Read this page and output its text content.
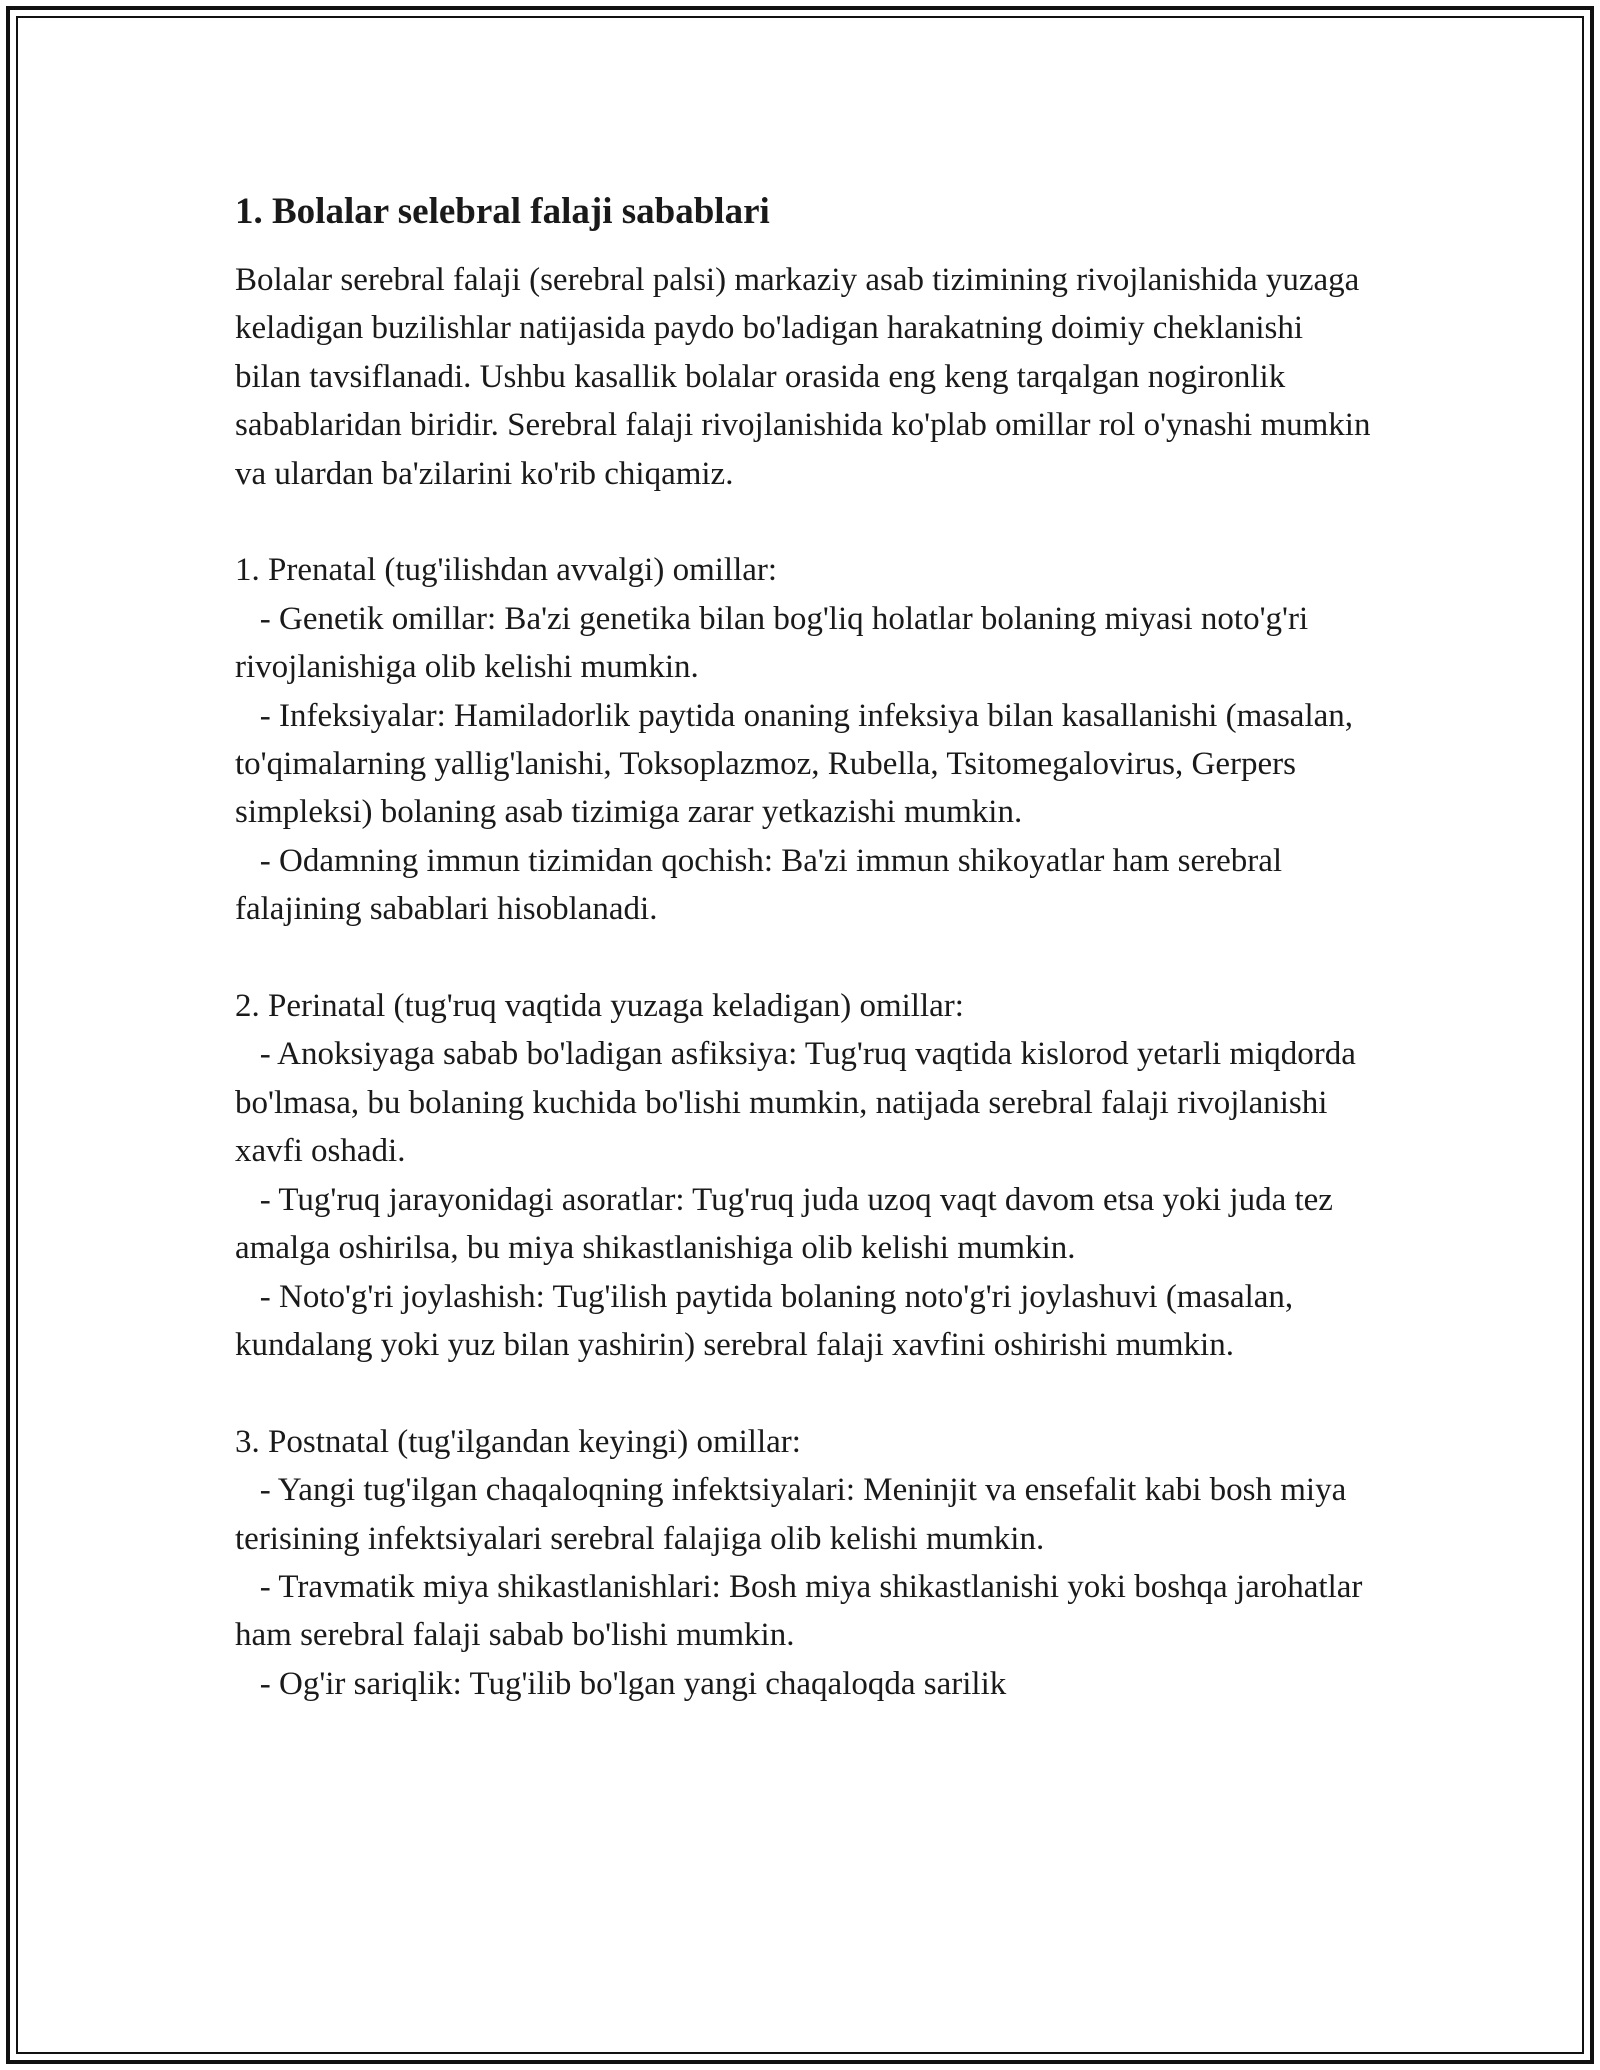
1. Bolalar selebral falaji sabablari

Bolalar serebral falaji (serebral palsi) markaziy asab tizimining rivojlanishida yuzaga keladigan buzilishlar natijasida paydo bo'ladigan harakatning doimiy cheklanishi bilan tavsiflanadi. Ushbu kasallik bolalar orasida eng keng tarqalgan nogironlik sabablaridan biridir. Serebral falaji rivojlanishida ko'plab omillar rol o'ynashi mumkin va ulardan ba'zilarini ko'rib chiqamiz.

1. Prenatal (tug'ilishdan avvalgi) omillar:

- Genetik omillar: Ba'zi genetika bilan bog'liq holatlar bolaning miyasi noto'g'ri rivojlanishiga olib kelishi mumkin.

- Infeksiyalar: Hamiladorlik paytida onaning infeksiya bilan kasallanishi (masalan, to'qimalarning yallig'lanishi, Toksoplazmoz, Rubella, Tsitomegalovirus, Gerpers simpleksi) bolaning asab tizimiga zarar yetkazishi mumkin.

- Odamning immun tizimidan qochish: Ba'zi immun shikoyatlar ham serebral falajining sabablari hisoblanadi.

2. Perinatal (tug'ruq vaqtida yuzaga keladigan) omillar:

- Anoksiyaga sabab bo'ladigan asfiksiya: Tug'ruq vaqtida kislorod yetarli miqdorda bo'lmasa, bu bolaning kuchida bo'lishi mumkin, natijada serebral falaji rivojlanishi xavfi oshadi.

- Tug'ruq jarayonidagi asoratlar: Tug'ruq juda uzoq vaqt davom etsa yoki juda tez amalga oshirilsa, bu miya shikastlanishiga olib kelishi mumkin.

- Noto'g'ri joylashish: Tug'ilish paytida bolaning noto'g'ri joylashuvi (masalan, kundalang yoki yuz bilan yashirin) serebral falaji xavfini oshirishi mumkin.

3. Postnatal (tug'ilgandan keyingi) omillar:

- Yangi tug'ilgan chaqaloqning infektsiyalari: Meninjit va ensefalit kabi bosh miya terisining infektsiyalari serebral falajiga olib kelishi mumkin.

- Travmatik miya shikastlanishlari: Bosh miya shikastlanishi yoki boshqa jarohatlar ham serebral falaji sabab bo'lishi mumkin.

- Og'ir sariqlik: Tug'ilib bo'lgan yangi chaqaloqda sarilik
